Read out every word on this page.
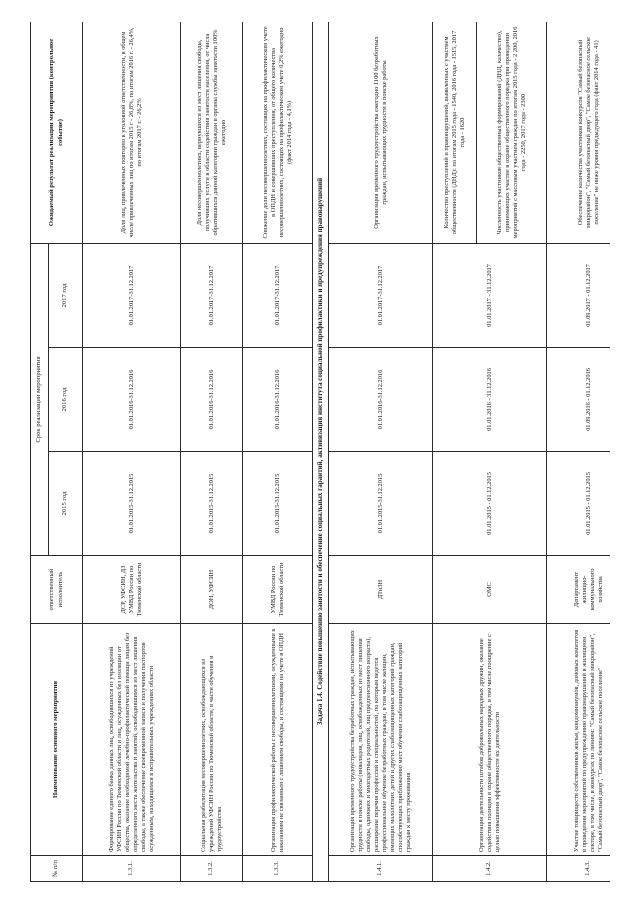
№ п/п	Наименование основного мероприятия	ответственный исполнитель	Срок реализации мероприятия			Ожидаемый результат реализации мероприятия (контрольное событие)
			2015 год	2016 год	2017 год	
1.3.1.	Формирование единого банка данных лиц, освободившихся из учреждений УФСИН России по Тюменской области и лиц, осужденных без изоляции от общества, оказание необходимой лечебно-профилактической помощи лицам без определенного места жительства и занятий, освободившимся из мест лишения свободы, а также обеспечение своевременной записи и получения паспортов осужденным, находящимся в исправительных учреждениях области	ДСР, УФСИН, ДЗ УМВД России по Тюменской области	01.01.2015-31.12.2015	01.01.2016-31.12.2016	01.01.2017-31.12.2017	Доля лиц, привлеченных повторно к уголовной ответственности, в общем числе привлеченных лиц по итогам 2015 г - 26,8%, по итогам 2016 г. - 26,4%, по итогам 2017 г. - 26,2%
1.3.2.	Социальная реабилитация несовершеннолетних, освобождающихся из учреждений УФСИН России по Тюменской области, в части обучения и трудоустройства	ДОН, УФСИН	01.01.2015-31.12.2015	01.01.2016-31.12.2016	01.01.2017-31.12.2017	Доля несовершеннолетних, вернувшихся из мест лишения свободы, получивших услуги в области содействия занятости населения, от числа обратившихся данной категории граждан в органы службы занятости 100% ежегодно
1.3.3.	Организация профилактической работы с несовершеннолетними, осужденными к наказаниям не связанным с лишением свободы, и состоящими на учете в ОПДН	УМВД России по Тюменской области	01.01.2015-31.12.2015	01.01.2016-31.12.2016	01.01.2017-31.12.2017	Снижение доли несовершеннолетних, состоящих на профилактическом учете в ОПДН и совершивших преступления, от общего количества несовершеннолетних, состоящих на профилактическом учете 0,2% ежегодно (факт 2014 года - 4,1%)
Задача 1.4. Содействие повышению занятости и обеспечение социальных гарантий, активизация института социальной профилактики и предупреждения правонарушений						
1.4.1.	Организация временного трудоустройства безработных граждан, испытывающих трудности в поиске работы (инвалидов, лиц, освобожденных из мест лишения свободы, одиноких и многодетных родителей, лиц предпенсионного возраста), расширение перечня профессий и специальностей, по которым ведется профессиональное обучение безработных граждан, в том числе женщин, имеющих малолетних детей и других слабозащищенных категорий граждан, способствующих приближению мест обучения слабозащищенных категорий граждан к месту проживания	ДТиЗН	01.01.2015-31.12.2015	01.01.2016-31.12.2016	01.01.2017-31.12.2017	Организация временного трудоустройства ежегодно 1100 безработных граждан, испытывающих трудности в поиске работы
1.4.2.	Организация деятельности штабов добровольных народных дружин, оказание содействия полиции в охране общественного порядка, в том числе поощрение с целью повышения эффективности их деятельности	ОМС	01.01.2015 - 01.12.2015	01.01.2016 - 31.12.2016	01.01.2017 - 31.12.2017	Количество преступлений и правонарушений, выявленных с участием общественности (ДНД): по итогам 2015 года - 1540, 2016 года - 1515, 2017 года - 1620
						Численность участников общественных формирований (ДНД, казачество), принимающих участие в охране общественного порядка при проведении мероприятий с массовым участием граждан по итогам 2015 года - 2 200, 2016 года - 2250, 2017 года - 2300
1.4.3.	Участие товариществ собственников жилья, кондоминиумов, домовых комитетов в проведении мероприятий по предупреждению правонарушений в жилищном секторе, в том числе, в конкурсах по линиям: "Самый безопасный микрорайон", "Самый безопасный двор", "Самое безопасное сельское поселение"	Департамент жилищно-коммунального хозяйства	01.01.2015 - 01.12.2015	01.09.2016 - 01.12.2016	01.09.2017 - 01.12.2017	Обеспечение количества участников конкурсов "Самый безопасный микрорайон", "Самый безопасный двор", "Самое безопасное сельское поселение" не ниже уровня предыдущего года (факт 2014 года - 41)
